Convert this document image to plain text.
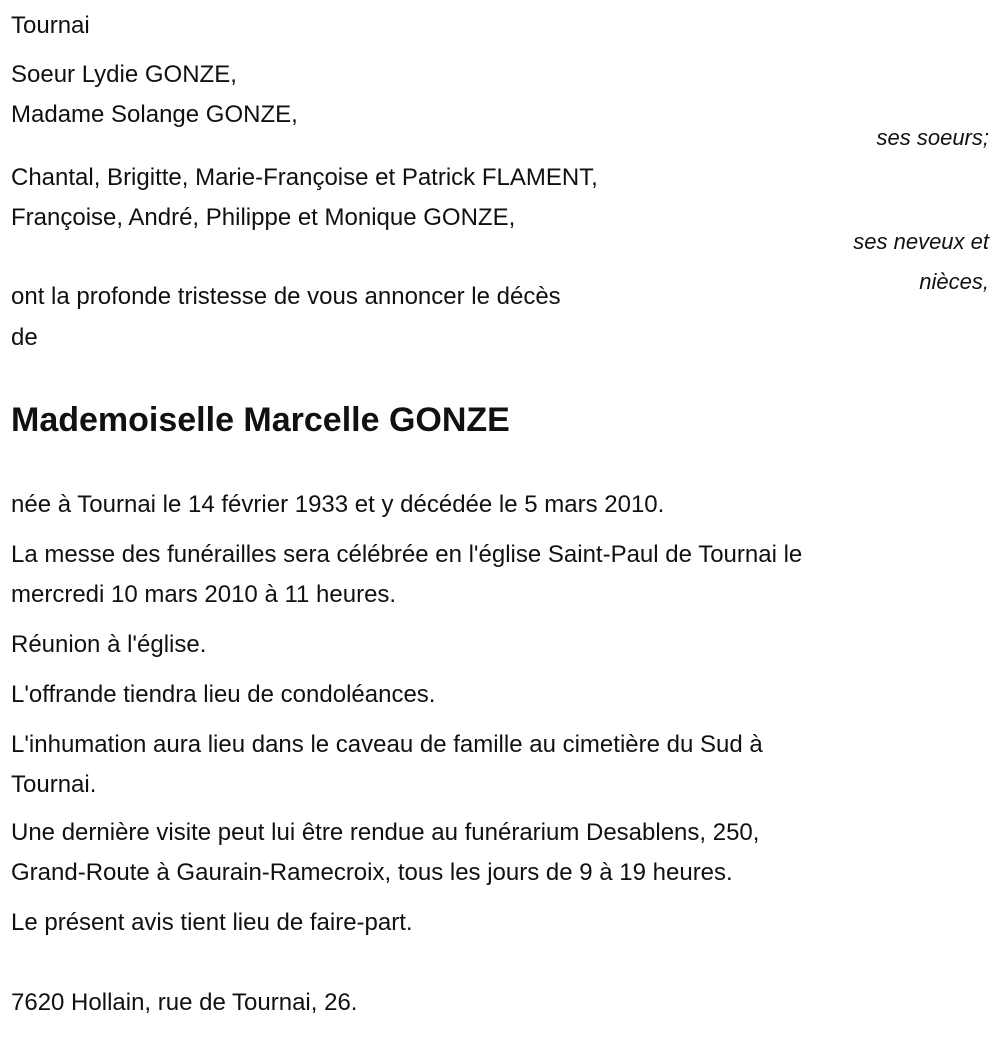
Tournai
Soeur Lydie GONZE,
Madame Solange GONZE,
ses soeurs;
Chantal, Brigitte, Marie-Françoise et Patrick FLAMENT,
Françoise, André, Philippe et Monique GONZE,
ses neveux et
nièces,
ont la profonde tristesse de vous annoncer le décès
de
Mademoiselle Marcelle GONZE
née à Tournai le 14 février 1933 et y décédée le 5 mars 2010.
La messe des funérailles sera célébrée en l'église Saint-Paul de Tournai le
mercredi 10 mars 2010 à 11 heures.
Réunion à l'église.
L'offrande tiendra lieu de condoléances.
L'inhumation aura lieu dans le caveau de famille au cimetière du Sud à
Tournai.
Une dernière visite peut lui être rendue au funérarium Desablens, 250,
Grand-Route à Gaurain-Ramecroix, tous les jours de 9 à 19 heures.
Le présent avis tient lieu de faire-part.
7620 Hollain, rue de Tournai, 26.
